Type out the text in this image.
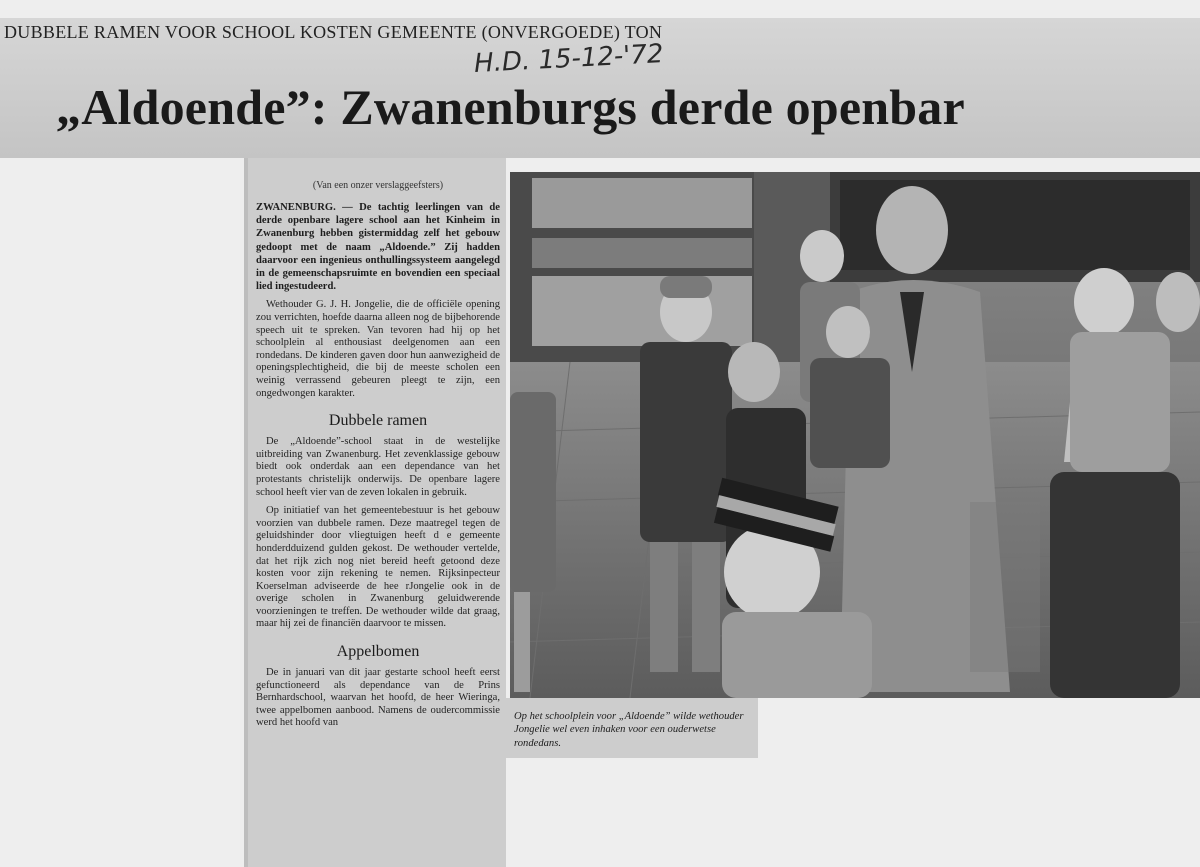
DUBBELE RAMEN VOOR SCHOOL KOSTEN GEMEENTE (ONVERGOEDE) TON
H.D. 15-12-'72
„Aldoende”: Zwanenburgs derde openbar
(Van een onzer verslaggeefsters)
ZWANENBURG. — De tachtig leerlingen van de derde openbare lagere school aan het Kinheim in Zwanenburg hebben gistermiddag zelf het gebouw gedoopt met de naam „Aldoende.” Zij hadden daarvoor een ingenieus onthullingssysteem aangelegd in de gemeenschapsruimte en bovendien een speciaal lied ingestudeerd.
Wethouder G. J. H. Jongelie, die de officiële opening zou verrichten, hoefde daarna alleen nog de bijbehorende speech uit te spreken. Van tevoren had hij op het schoolplein al enthousiast deelgenomen aan een rondedans. De kinderen gaven door hun aanwezigheid de openingsplechtigheid, die bij de meeste scholen een weinig verrassend gebeuren pleegt te zijn, een ongedwongen karakter.
Dubbele ramen
De „Aldoende”-school staat in de westelijke uitbreiding van Zwanenburg. Het zevenklassige gebouw biedt ook onderdak aan een dependance van het protestants christelijk onderwijs. De openbare lagere school heeft vier van de zeven lokalen in gebruik.
Op initiatief van het gemeentebestuur is het gebouw voorzien van dubbele ramen. Deze maatregel tegen de geluidshinder door vliegtuigen heeft d e gemeente honderdduizend gulden gekost. De wethouder vertelde, dat het rijk zich nog niet bereid heeft getoond deze kosten voor zijn rekening te nemen. Rijksinpecteur Koerselman adviseerde de hee rJongelie ook in de overige scholen in Zwanenburg geluidwerende voorzieningen te treffen. De wethouder wilde dat graag, maar hij zei de financiën daarvoor te missen.
Appelbomen
De in januari van dit jaar gestarte school heeft eerst gefunctioneerd als dependance van de Prins Bernhardschool, waarvan het hoofd, de heer Wieringa, twee appelbomen aanbood. Namens de oudercommissie werd het hoofd van
Op het schoolplein voor „Aldoende” wilde wethouder Jongelie wel even inhaken voor een ouderwetse rondedans.
